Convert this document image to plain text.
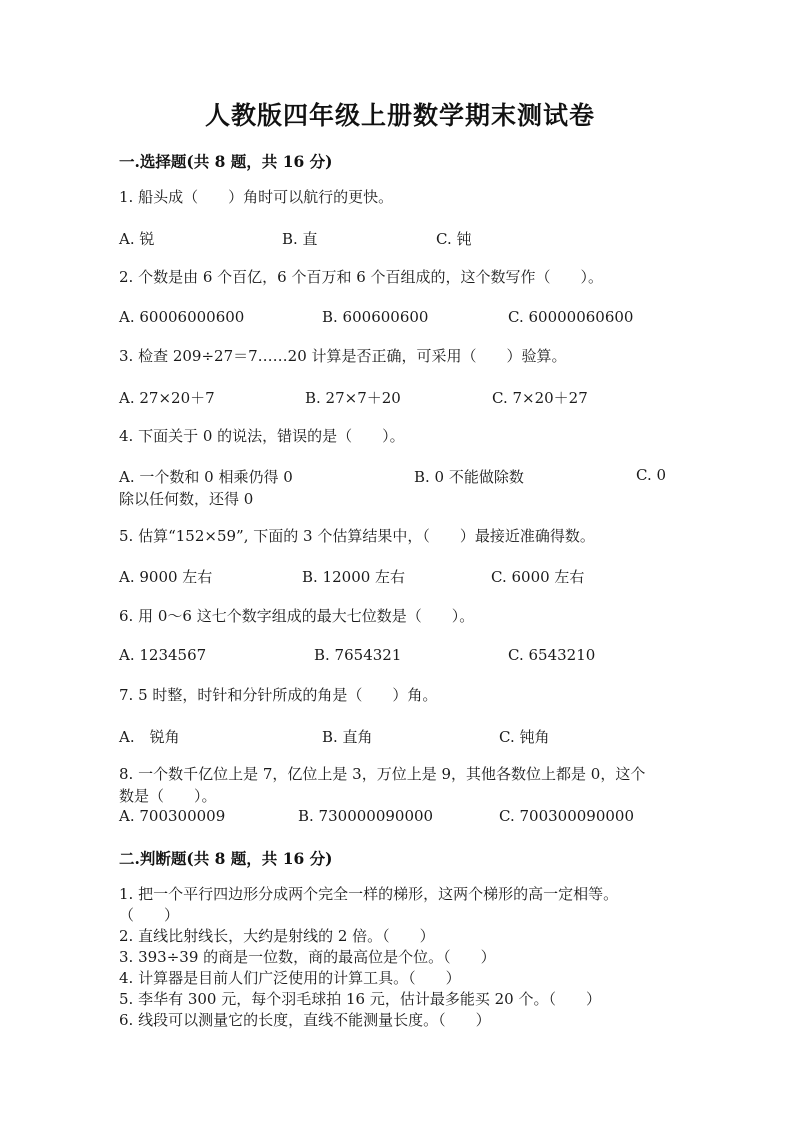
人教版四年级上册数学期末测试卷
一.选择题(共 8 题，共 16 分)
1. 船头成（　　）角时可以航行的更快。
A. 锐	B. 直	C. 钝
2. 个数是由 6 个百亿，6 个百万和 6 个百组成的，这个数写作（　　）。
A. 60006000600	B. 600600600	C. 60000060600
3. 检查 209÷27＝7……20 计算是否正确，可采用（　　）验算。
A. 27×20＋7	B. 27×7＋20	C. 7×20＋27
4. 下面关于 0 的说法，错误的是（　　）。
A. 一个数和 0 相乘仍得 0	B. 0 不能做除数	C. 0
除以任何数，还得 0
5. 估算“152×59”, 下面的 3 个估算结果中，（　　）最接近准确得数。
A. 9000 左右	B. 12000 左右	C. 6000 左右
6. 用 0～6 这七个数字组成的最大七位数是（　　）。
A. 1234567	B. 7654321	C. 6543210
7. 5 时整，时针和分针所成的角是（　　）角。
A.　锐角	B. 直角	C. 钝角
8. 一个数千亿位上是 7，亿位上是 3，万位上是 9，其他各数位上都是 0，这个
数是（　　）。
A. 700300009	B. 730000090000	C. 700300090000
二.判断题(共 8 题，共 16 分)
1. 把一个平行四边形分成两个完全一样的梯形，这两个梯形的高一定相等。
（　　）
2. 直线比射线长，大约是射线的 2 倍。（　　）
3. 393÷39 的商是一位数，商的最高位是个位。（　　）
4. 计算器是目前人们广泛使用的计算工具。（　　）
5. 李华有 300 元，每个羽毛球拍 16 元，估计最多能买 20 个。（　　）
6. 线段可以测量它的长度，直线不能测量长度。（　　）
